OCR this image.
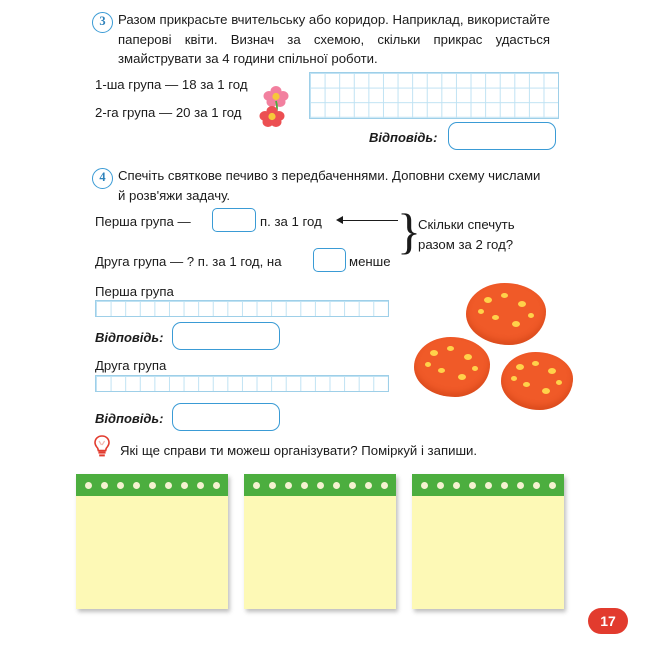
3 Разом прикрасьте вчительську або коридор. Наприклад, використайте паперові квіти. Визнач за схемою, скільки прикрас удасться змайструвати за 4 години спільної роботи.
1-ша група — 18 за 1 год
2-га група — 20 за 1 год
Відповідь:
4 Спечіть святкове печиво з передбаченнями. Доповни схему числами й розв'яжи задачу.
Перша група —	п. за 1 год
Друга група — ? п. за 1 год, на	менше
}
Скільки спечуть
разом за 2 год?
Перша група
Відповідь:
Друга група
Відповідь:
Які ще справи ти можеш організувати? Поміркуй і запиши.
17
